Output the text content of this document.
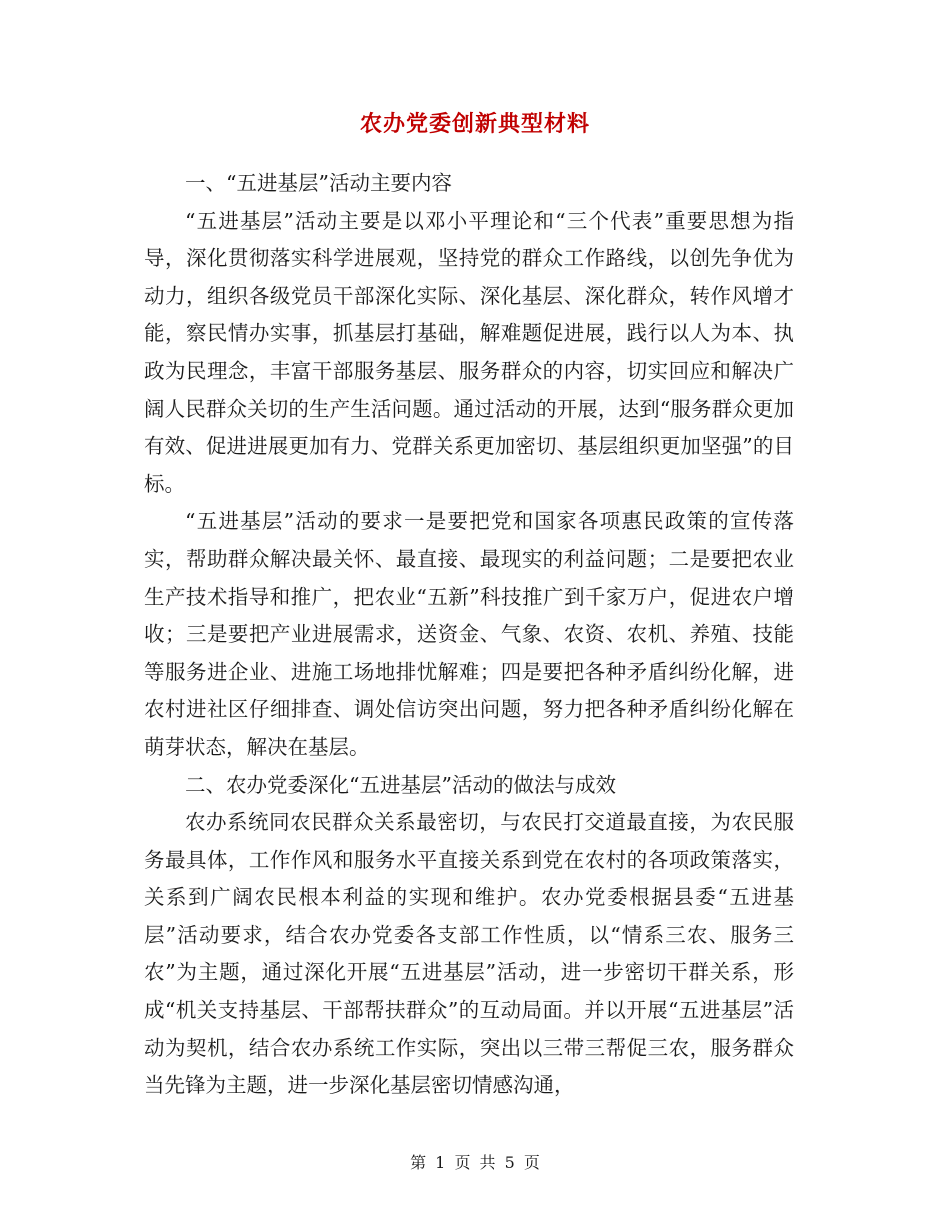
农办党委创新典型材料

一、“五进基层”活动主要内容

“五进基层”活动主要是以邓小平理论和“三个代表”重要思想为指导，深化贯彻落实科学进展观，坚持党的群众工作路线，以创先争优为动力，组织各级党员干部深化实际、深化基层、深化群众，转作风增才能，察民情办实事，抓基层打基础，解难题促进展，践行以人为本、执政为民理念，丰富干部服务基层、服务群众的内容，切实回应和解决广阔人民群众关切的生产生活问题。通过活动的开展，达到“服务群众更加有效、促进进展更加有力、党群关系更加密切、基层组织更加坚强”的目标。

“五进基层”活动的要求一是要把党和国家各项惠民政策的宣传落实，帮助群众解决最关怀、最直接、最现实的利益问题；二是要把农业生产技术指导和推广，把农业“五新”科技推广到千家万户，促进农户增收；三是要把产业进展需求，送资金、气象、农资、农机、养殖、技能等服务进企业、进施工场地排忧解难；四是要把各种矛盾纠纷化解，进农村进社区仔细排查、调处信访突出问题，努力把各种矛盾纠纷化解在萌芽状态，解决在基层。

二、农办党委深化“五进基层”活动的做法与成效

农办系统同农民群众关系最密切，与农民打交道最直接，为农民服务最具体，工作作风和服务水平直接关系到党在农村的各项政策落实，关系到广阔农民根本利益的实现和维护。农办党委根据县委“五进基层”活动要求，结合农办党委各支部工作性质，以“情系三农、服务三农”为主题，通过深化开展“五进基层”活动，进一步密切干群关系，形成“机关支持基层、干部帮扶群众”的互动局面。并以开展“五进基层”活动为契机，结合农办系统工作实际，突出以三带三帮促三农，服务群众当先锋为主题，进一步深化基层密切情感沟通，

第 1 页 共 5 页
